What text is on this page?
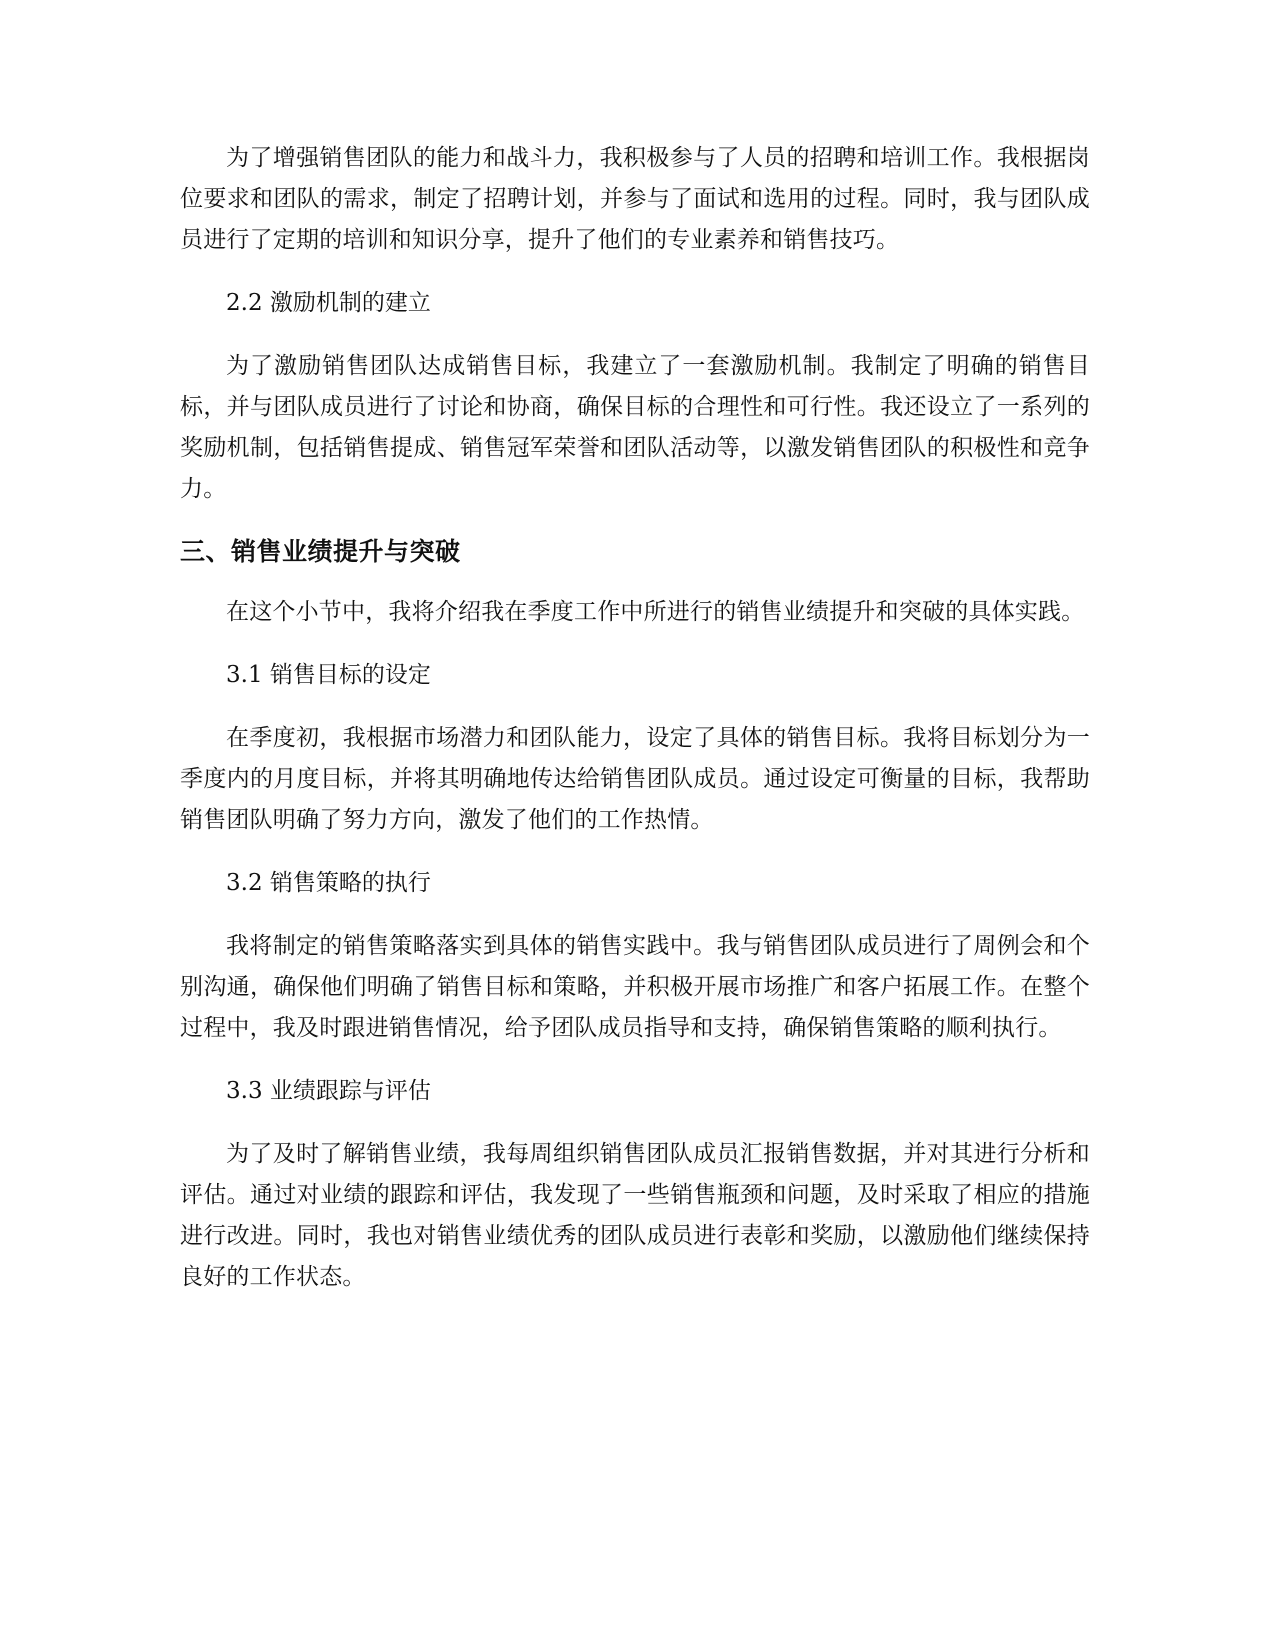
为了增强销售团队的能力和战斗力，我积极参与了人员的招聘和培训工作。我根据岗位要求和团队的需求，制定了招聘计划，并参与了面试和选用的过程。同时，我与团队成员进行了定期的培训和知识分享，提升了他们的专业素养和销售技巧。

2.2 激励机制的建立

为了激励销售团队达成销售目标，我建立了一套激励机制。我制定了明确的销售目标，并与团队成员进行了讨论和协商，确保目标的合理性和可行性。我还设立了一系列的奖励机制，包括销售提成、销售冠军荣誉和团队活动等，以激发销售团队的积极性和竞争力。

三、销售业绩提升与突破

在这个小节中，我将介绍我在季度工作中所进行的销售业绩提升和突破的具体实践。

3.1 销售目标的设定

在季度初，我根据市场潜力和团队能力，设定了具体的销售目标。我将目标划分为一季度内的月度目标，并将其明确地传达给销售团队成员。通过设定可衡量的目标，我帮助销售团队明确了努力方向，激发了他们的工作热情。

3.2 销售策略的执行

我将制定的销售策略落实到具体的销售实践中。我与销售团队成员进行了周例会和个别沟通，确保他们明确了销售目标和策略，并积极开展市场推广和客户拓展工作。在整个过程中，我及时跟进销售情况，给予团队成员指导和支持，确保销售策略的顺利执行。

3.3 业绩跟踪与评估

为了及时了解销售业绩，我每周组织销售团队成员汇报销售数据，并对其进行分析和评估。通过对业绩的跟踪和评估，我发现了一些销售瓶颈和问题，及时采取了相应的措施进行改进。同时，我也对销售业绩优秀的团队成员进行表彰和奖励，以激励他们继续保持良好的工作状态。
